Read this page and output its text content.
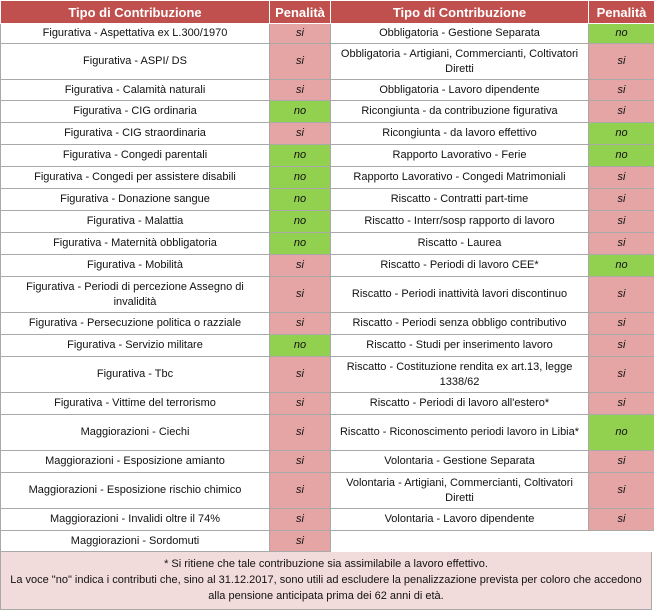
Tipo di Contribuzione	Penalità	Tipo di Contribuzione	Penalità
Figurativa - Aspettativa ex L.300/1970	si	Obbligatoria - Gestione Separata	no
Figurativa - ASPI/ DS	si	Obbligatoria - Artigiani, Commercianti, Coltivatori Diretti	si
Figurativa - Calamità naturali	si	Obbligatoria - Lavoro dipendente	si
Figurativa - CIG ordinaria	no	Ricongiunta - da contribuzione figurativa	si
Figurativa - CIG straordinaria	si	Ricongiunta - da lavoro effettivo	no
Figurativa - Congedi parentali	no	Rapporto Lavorativo - Ferie	no
Figurativa - Congedi per assistere disabili	no	Rapporto Lavorativo - Congedi Matrimoniali	si
Figurativa - Donazione sangue	no	Riscatto - Contratti part-time	si
Figurativa - Malattia	no	Riscatto - Interr/sosp rapporto di lavoro	si
Figurativa - Maternità obbligatoria	no	Riscatto - Laurea	si
Figurativa - Mobilità	si	Riscatto - Periodi di lavoro CEE*	no
Figurativa - Periodi di percezione Assegno di invalidità	si	Riscatto - Periodi inattività lavori discontinuo	si
Figurativa - Persecuzione politica o razziale	si	Riscatto - Periodi senza obbligo contributivo	si
Figurativa - Servizio militare	no	Riscatto - Studi per inserimento lavoro	si
Figurativa - Tbc	si	Riscatto - Costituzione rendita ex art.13, legge 1338/62	si
Figurativa - Vittime del terrorismo	si	Riscatto - Periodi di lavoro all'estero*	si
Maggiorazioni - Ciechi	si	Riscatto - Riconoscimento periodi lavoro in Libia*	no
Maggiorazioni - Esposizione amianto	si	Volontaria - Gestione Separata	si
Maggiorazioni - Esposizione rischio chimico	si	Volontaria - Artigiani, Commercianti, Coltivatori Diretti	si
Maggiorazioni - Invalidi oltre il 74%	si	Volontaria - Lavoro dipendente	si
Maggiorazioni - Sordomuti	si		
* Si ritiene che tale contribuzione sia assimilabile a lavoro effettivo.
La voce "no" indica i contributi che, sino al 31.12.2017, sono utili ad escludere la penalizzazione prevista per coloro che accedono alla pensione anticipata prima dei 62 anni di età.
